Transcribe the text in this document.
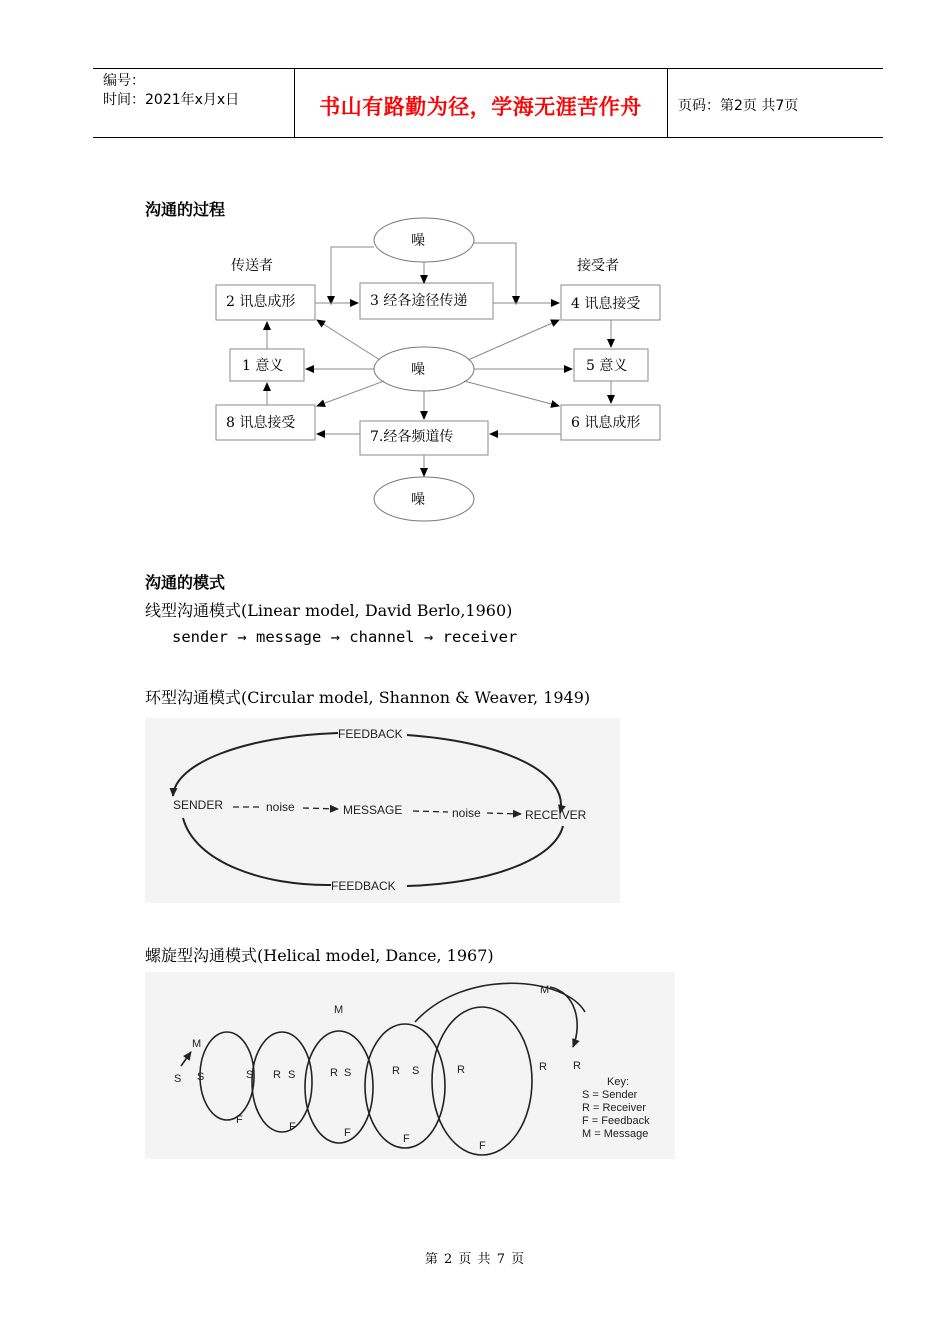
编号：
时间：2021年x月x日	书山有路勤为径，学海无涯苦作舟	页码：第2页 共7页
沟通的过程
传送者	接受者
噪
噪
噪
2 讯息成形	3 经各途径传递	4 讯息接受
1 意义	5 意义
8 讯息接受
7.经各频道传
6 讯息成形
沟通的模式
线型沟通模式(Linear model, David Berlo,1960)
sender → message → channel → receiver
环型沟通模式(Circular model, Shannon & Weaver, 1949)
FEEDBACK
FEEDBACK
SENDER	noise	MESSAGE	noise	RECEIVER
螺旋型沟通模式(Helical model, Dance, 1967)
M
S S	S R S	R S	R S	R	R R
M
M
F
F	F	F
F
Key:
S = Sender
R = Receiver
F = Feedback
M = Message
第 2 页 共 7 页
